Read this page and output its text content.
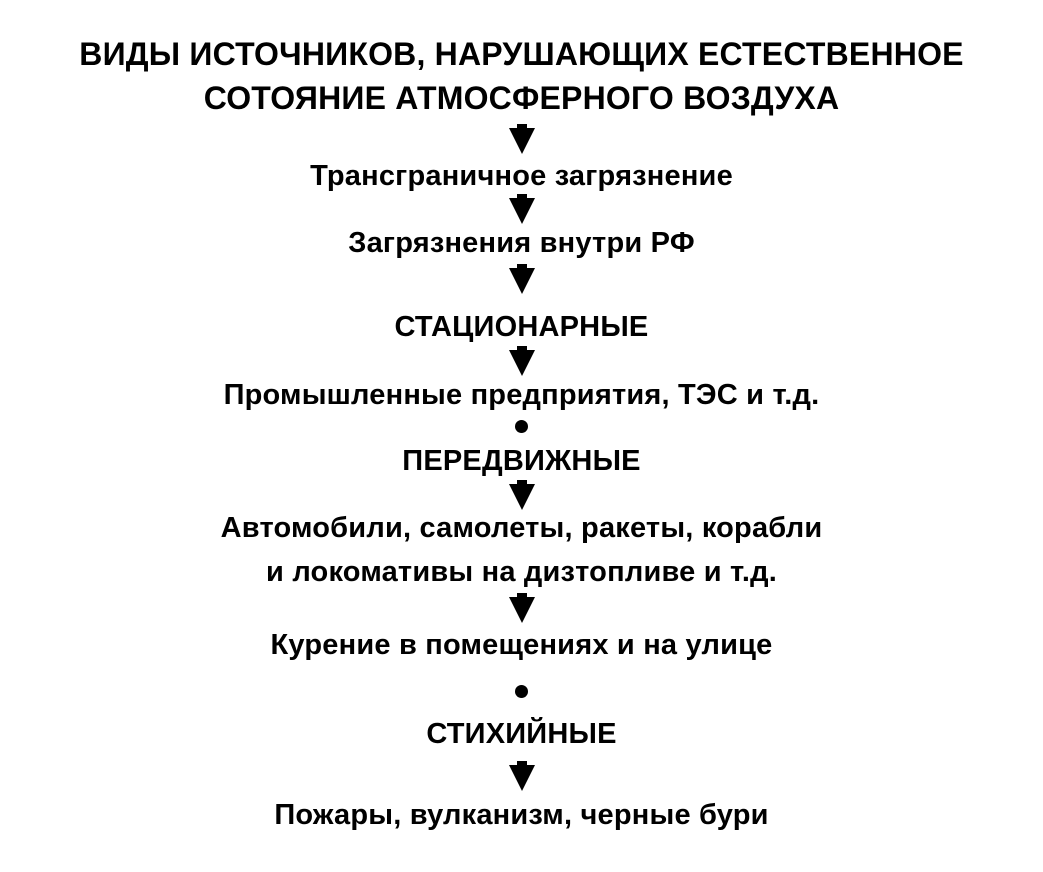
ВИДЫ ИСТОЧНИКОВ, НАРУШАЮЩИХ ЕСТЕСТВЕННОЕ
СОТОЯНИЕ АТМОСФЕРНОГО ВОЗДУХА
Трансграничное загрязнение
Загрязнения внутри РФ
СТАЦИОНАРНЫЕ
Промышленные предприятия, ТЭС и т.д.
ПЕРЕДВИЖНЫЕ
Автомобили, самолеты, ракеты, корабли
и локомативы на дизтопливе и т.д.
Курение в помещениях и на улице
СТИХИЙНЫЕ
Пожары, вулканизм, черные бури
